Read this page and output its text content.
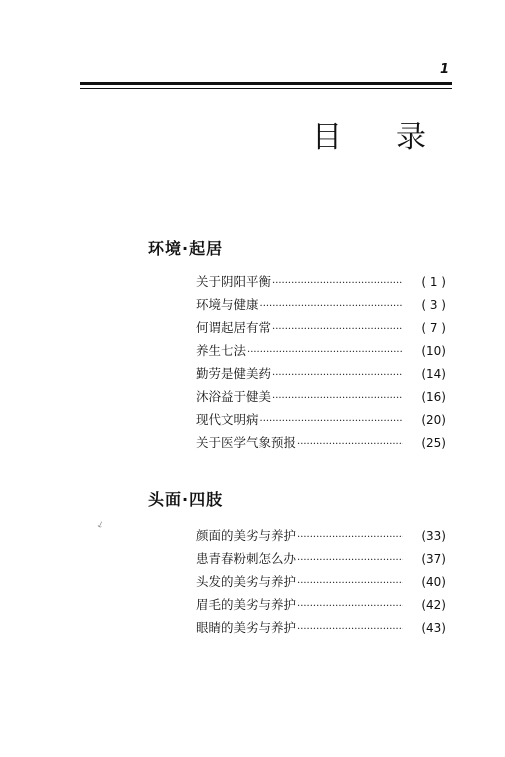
1
目 录
⸔
环境·起居
关于阴阳平衡 ·····	( 1 )
环境与健康 ·····	( 3 )
何谓起居有常 ·····	( 7 )
养生七法 ·····	(10)
勤劳是健美药 ·····	(14)
沐浴益于健美 ·····	(16)
现代文明病 ·····	(20)
关于医学气象预报 ·····	(25)
头面·四肢
颜面的美劣与养护 ·····	(33)
患青春粉刺怎么办 ·····	(37)
头发的美劣与养护 ·····	(40)
眉毛的美劣与养护 ·····	(42)
眼睛的美劣与养护 ·····	(43)
